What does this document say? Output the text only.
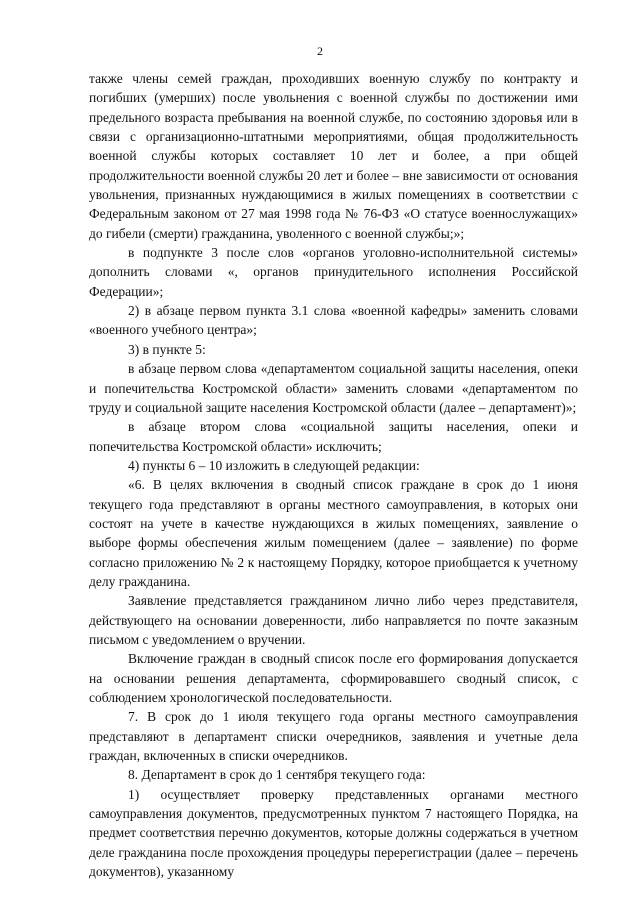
2

также члены семей граждан, проходивших военную службу по контракту и погибших (умерших) после увольнения с военной службы по достижении ими предельного возраста пребывания на военной службе, по состоянию здоровья или в связи с организационно-штатными мероприятиями, общая продолжительность военной службы которых составляет 10 лет и более, а при общей продолжительности военной службы 20 лет и более – вне зависимости от основания увольнения, признанных нуждающимися в жилых помещениях в соответствии с Федеральным законом от 27 мая 1998 года № 76-ФЗ «О статусе военнослужащих» до гибели (смерти) гражданина, уволенного с военной службы;»;

в подпункте 3 после слов «органов уголовно-исполнительной системы» дополнить словами «, органов принудительного исполнения Российской Федерации»;

2) в абзаце первом пункта 3.1 слова «военной кафедры» заменить словами «военного учебного центра»;

3) в пункте 5:

в абзаце первом слова «департаментом социальной защиты населения, опеки и попечительства Костромской области» заменить словами «департаментом по труду и социальной защите населения Костромской области (далее – департамент)»;

в абзаце втором слова «социальной защиты населения, опеки и попечительства Костромской области» исключить;

4) пункты 6 – 10 изложить в следующей редакции:

«6. В целях включения в сводный список граждане в срок до 1 июня текущего года представляют в органы местного самоуправления, в которых они состоят на учете в качестве нуждающихся в жилых помещениях, заявление о выборе формы обеспечения жилым помещением (далее – заявление) по форме согласно приложению № 2 к настоящему Порядку, которое приобщается к учетному делу гражданина.

Заявление представляется гражданином лично либо через представителя, действующего на основании доверенности, либо направляется по почте заказным письмом с уведомлением о вручении.

Включение граждан в сводный список после его формирования допускается на основании решения департамента, сформировавшего сводный список, с соблюдением хронологической последовательности.

7. В срок до 1 июля текущего года органы местного самоуправления представляют в департамент списки очередников, заявления и учетные дела граждан, включенных в списки очередников.

8. Департамент в срок до 1 сентября текущего года:

1) осуществляет проверку представленных органами местного самоуправления документов, предусмотренных пунктом 7 настоящего Порядка, на предмет соответствия перечню документов, которые должны содержаться в учетном деле гражданина после прохождения процедуры перерегистрации (далее – перечень документов), указанному
